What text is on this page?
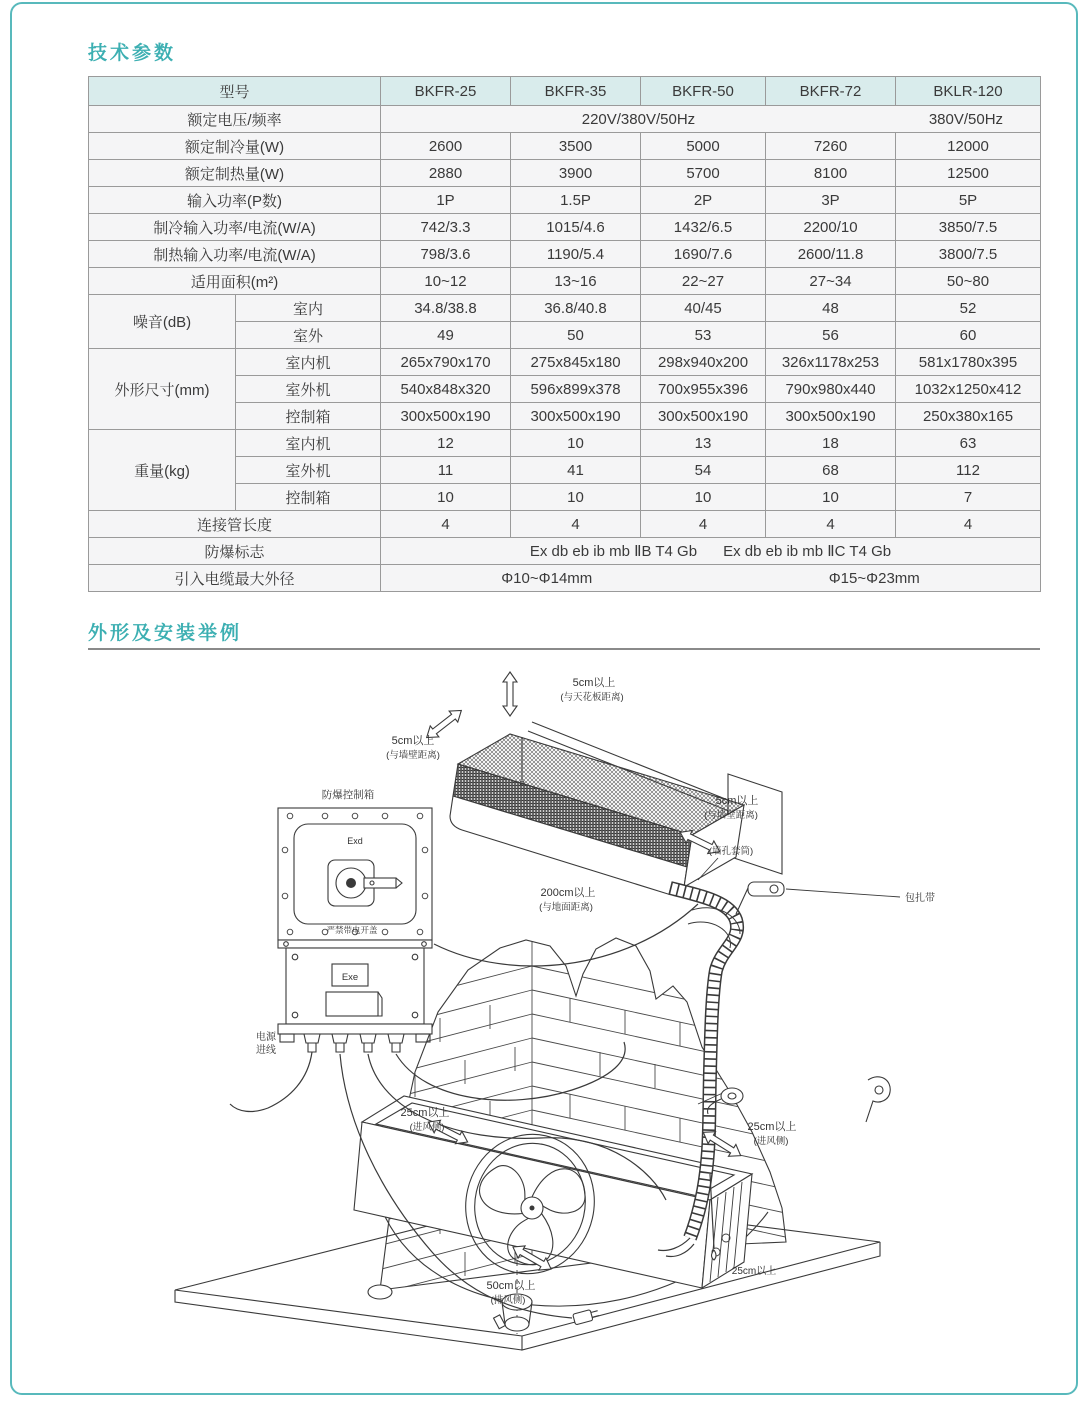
技术参数
型号		BKFR-25	BKFR-35	BKFR-50	BKFR-72	BKLR-120
额定电压/频率		220V/380V/50Hz 380V/50Hz				

额定制冷量(W)		2600	3500	5000	7260	12000
额定制热量(W)		2880	3900	5700	8100	12500
输入功率(P数)		1P	1.5P	2P	3P	5P
制冷输入功率/电流(W/A)		742/3.3	1015/4.6	1432/6.5	2200/10	3850/7.5
制热输入功率/电流(W/A)		798/3.6	1190/5.4	1690/7.6	2600/11.8	3800/7.5
适用面积(m²)		10~12	13~16	22~27	27~34	50~80
噪音(dB)	室内	34.8/38.8	36.8/40.8	40/45	48	52
	室外	49	50	53	56	60
外形尺寸(mm)	室内机	265x790x170	275x845x180	298x940x200	326x1178x253	581x1780x395
	室外机	540x848x320	596x899x378	700x955x396	790x980x440	1032x1250x412
	控制箱	300x500x190	300x500x190	300x500x190	300x500x190	250x380x165
重量(kg)	室内机	12	10	13	18	63
	室外机	11	41	54	68	112
	控制箱	10	10	10	10	7
连接管长度		4	4	4	4	4
防爆标志		Ex db eb ib mb ⅡB T4 Gb Ex db eb ib mb ⅡC T4 Gb				

引入电缆最大外径		Φ10~Φ14mm Φ15~Φ23mm				
外形及安装举例
5cm以上
(与天花板距离)
5cm以上
(与墙壁距离)
5cm以上
(与墙壁距离)
(墙孔套筒)
包扎带
200cm以上
(与地面距离)
防爆控制箱
Exd
严禁带电开盖
Exe
电源
进线
25cm以上
(进风侧)	25cm以上
(进风侧)
25cm以上
50cm以上
(排风侧)
